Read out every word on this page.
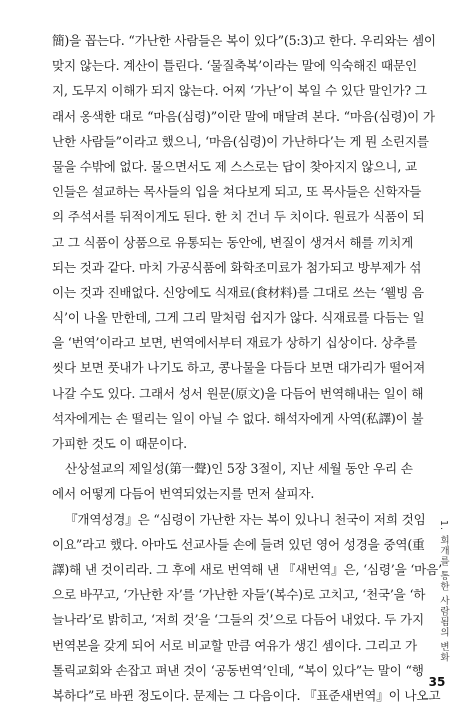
簡)을 꼽는다. “가난한 사람들은 복이 있다”(5:3)고 한다. 우리와는 셈이
맞지 않는다. 계산이 틀린다. ‘물질축복’이라는 말에 익숙해진 때문인
지, 도무지 이해가 되지 않는다. 어찌 ‘가난’이 복일 수 있단 말인가? 그
래서 옹색한 대로 “마음(심령)”이란 말에 매달려 본다. “마음(심령)이 가
난한 사람들”이라고 했으니, ‘마음(심령)이 가난하다’는 게 뭔 소린지를
물을 수밖에 없다. 물으면서도 제 스스로는 답이 찾아지지 않으니, 교
인들은 설교하는 목사들의 입을 쳐다보게 되고, 또 목사들은 신학자들
의 주석서를 뒤적이게도 된다. 한 치 건너 두 치이다. 원료가 식품이 되
고 그 식품이 상품으로 유통되는 동안에, 변질이 생겨서 해를 끼치게
되는 것과 같다. 마치 가공식품에 화학조미료가 첨가되고 방부제가 섞
이는 것과 진배없다. 신앙에도 식재료(食材料)를 그대로 쓰는 ‘웰빙 음
식’이 나올 만한데, 그게 그리 말처럼 쉽지가 않다. 식재료를 다듬는 일
을 ‘번역’이라고 보면, 번역에서부터 재료가 상하기 십상이다. 상추를
씻다 보면 풋내가 나기도 하고, 콩나물을 다듬다 보면 대가리가 떨어져
나갈 수도 있다. 그래서 성서 원문(原文)을 다듬어 번역해내는 일이 해
석자에게는 손 떨리는 일이 아닐 수 없다. 해석자에게 사역(私譯)이 불
가피한 것도 이 때문이다.
산상설교의 제일성(第一聲)인 5장 3절이, 지난 세월 동안 우리 손
에서 어떻게 다듬어 번역되었는지를 먼저 살피자.
『개역성경』은 “심령이 가난한 자는 복이 있나니 천국이 저희 것임
이요”라고 했다. 아마도 선교사들 손에 들려 있던 영어 성경을 중역(重
譯)해 낸 것이리라. 그 후에 새로 번역해 낸 『새번역』은, ‘심령’을 ‘마음’
으로 바꾸고, ‘가난한 자’를 ‘가난한 자들’(복수)로 고치고, ‘천국’을 ‘하
늘나라’로 밝히고, ‘저희 것’을 ‘그들의 것’으로 다듬어 내었다. 두 가지
번역본을 갖게 되어 서로 비교할 만큼 여유가 생긴 셈이다. 그리고 가
톨릭교회와 손잡고 펴낸 것이 ‘공동번역’인데, “복이 있다”는 말이 “행
복하다”로 바뀐 정도이다. 문제는 그 다음이다. 『표준새번역』이 나오고
1. 회개를 통한 사람됨의 변화
35
